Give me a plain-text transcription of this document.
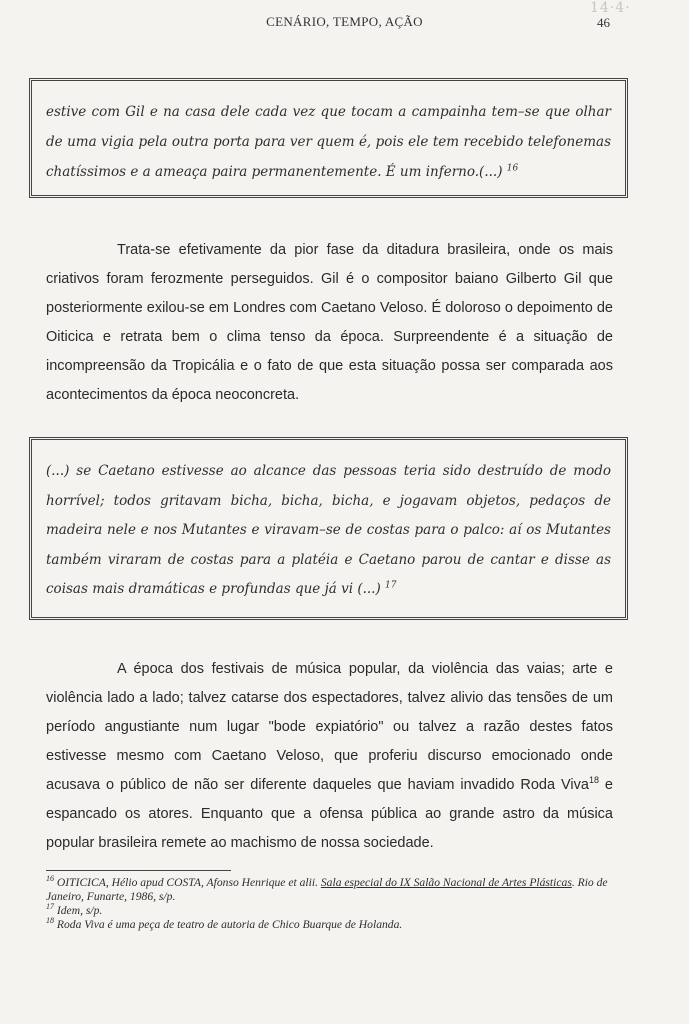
14·4·
CENÁRIO, TEMPO, AÇÃO	46

estive com Gil e na casa dele cada vez que tocam a campainha tem–se que olhar de uma vigia pela outra porta para ver quem é, pois ele tem recebido telefonemas chatíssimos e a ameaça paira permanentemente. É um inferno.(...) $^{16}$

Trata-se efetivamente da pior fase da ditadura brasileira, onde os mais criativos foram ferozmente perseguidos. Gil é o compositor baiano Gilberto Gil que posteriormente exilou-se em Londres com Caetano Veloso. É doloroso o depoimento de Oiticica e retrata bem o clima tenso da época. Surpreendente é a situação de incompreensão da Tropicália e o fato de que esta situação possa ser comparada aos acontecimentos da época neoconcreta.

(...) se Caetano estivesse ao alcance das pessoas teria sido destruído de modo horrível; todos gritavam bicha, bicha, bicha, e jogavam objetos, pedaços de madeira nele e nos Mutantes e viravam–se de costas para o palco: aí os Mutantes também viraram de costas para a platéia e Caetano parou de cantar e disse as coisas mais dramáticas e profundas que já vi (...) $^{17}$

A época dos festivais de música popular, da violência das vaias; arte e violência lado a lado; talvez catarse dos espectadores, talvez alivio das tensões de um período angustiante num lugar "bode expiatório" ou talvez a razão destes fatos estivesse mesmo com Caetano Veloso, que proferiu discurso emocionado onde acusava o público de não ser diferente daqueles que haviam invadido Roda Viva$^{18}$ e espancado os atores. Enquanto que a ofensa pública ao grande astro da música popular brasileira remete ao machismo de nossa sociedade.

$^{16}$ OITICICA, Hélio apud COSTA, Afonso Henrique et alii. Sala especial do IX Salão Nacional de Artes Plásticas. Rio de Janeiro, Funarte, 1986, s/p.

$^{17}$ Idem, s/p.

$^{18}$ Roda Viva é uma peça de teatro de autoria de Chico Buarque de Holanda.
